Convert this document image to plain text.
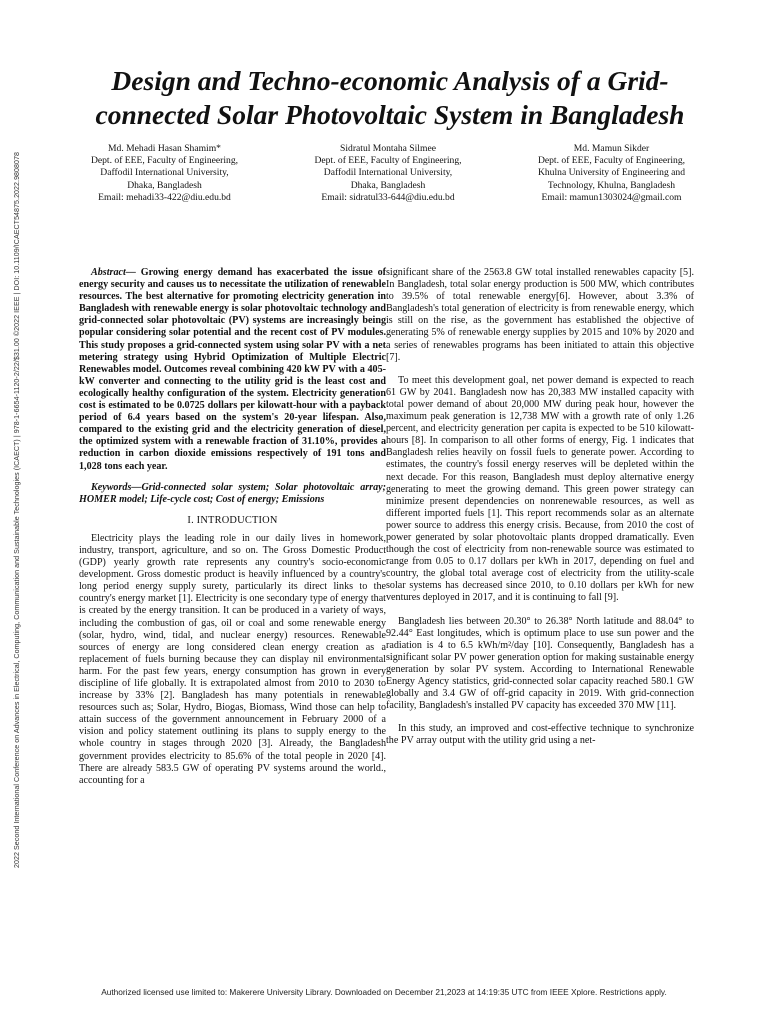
2022 Second International Conference on Advances in Electrical, Computing, Communication and Sustainable Technologies (ICAECT) | 978-1-6654-1120-2/22/$31.00 ©2022 IEEE | DOI: 10.1109/ICAECT54875.2022.9808078
Design and Techno-economic Analysis of a Grid-connected Solar Photovoltaic System in Bangladesh
Md. Mehadi Hasan Shamim*
Dept. of EEE, Faculty of Engineering,
Daffodil International University,
Dhaka, Bangladesh
Email: mehadi33-422@diu.edu.bd
Sidratul Montaha Silmee
Dept. of EEE, Faculty of Engineering,
Daffodil International University,
Dhaka, Bangladesh
Email: sidratul33-644@diu.edu.bd
Md. Mamun Sikder
Dept. of EEE, Faculty of Engineering,
Khulna University of Engineering and
Technology, Khulna, Bangladesh
Email: mamun1303024@gmail.com

Abstract— Growing energy demand has exacerbated the issue of energy security and causes us to necessitate the utilization of renewable resources. The best alternative for promoting electricity generation in Bangladesh with renewable energy is solar photovoltaic technology and grid-connected solar photovoltaic (PV) systems are increasingly being popular considering solar potential and the recent cost of PV modules. This study proposes a grid-connected system using solar PV with a net metering strategy using Hybrid Optimization of Multiple Electric Renewables model. Outcomes reveal combining 420 kW PV with a 405-kW converter and connecting to the utility grid is the least cost and ecologically healthy configuration of the system. Electricity generation cost is estimated to be 0.0725 dollars per kilowatt-hour with a payback period of 6.4 years based on the system's 20-year lifespan. Also, compared to the existing grid and the electricity generation of diesel, the optimized system with a renewable fraction of 31.10%, provides a reduction in carbon dioxide emissions respectively of 191 tons and 1,028 tons each year.

Keywords—Grid-connected solar system; Solar photovoltaic array; HOMER model; Life-cycle cost; Cost of energy; Emissions

I. INTRODUCTION

Electricity plays the leading role in our daily lives in homework, industry, transport, agriculture, and so on. The Gross Domestic Product (GDP) yearly growth rate represents any country's socio-economic development. Gross domestic product is heavily influenced by a country's long period energy supply surety, particularly its direct links to the country's energy market [1]. Electricity is one secondary type of energy that is created by the energy transition. It can be produced in a variety of ways, including the combustion of gas, oil or coal and some renewable energy (solar, hydro, wind, tidal, and nuclear energy) resources. Renewable sources of energy are long considered clean energy creation as a replacement of fuels burning because they can display nil environmental harm. For the past few years, energy consumption has grown in every discipline of life globally. It is extrapolated almost from 2010 to 2030 to increase by 33% [2]. Bangladesh has many potentials in renewable resources such as; Solar, Hydro, Biogas, Biomass, Wind those can help to attain success of the government announcement in February 2000 of a vision and policy statement outlining its plans to supply energy to the whole country in stages through 2020 [3]. Already, the Bangladesh government provides electricity to 85.6% of the total people in 2020 [4]. There are already 583.5 GW of operating PV systems around the world., accounting for a

significant share of the 2563.8 GW total installed renewables capacity [5]. In Bangladesh, total solar energy production is 500 MW, which contributes to 39.5% of total renewable energy[6]. However, about 3.3% of Bangladesh's total generation of electricity is from renewable energy, which is still on the rise, as the government has established the objective of generating 5% of renewable energy supplies by 2015 and 10% by 2020 and a series of renewables programs has been initiated to attain this objective [7].

To meet this development goal, net power demand is expected to reach 61 GW by 2041. Bangladesh now has 20,383 MW installed capacity with total power demand of about 20,000 MW during peak hour, however the maximum peak generation is 12,738 MW with a growth rate of only 1.26 percent, and electricity generation per capita is expected to be 510 kilowatt-hours [8]. In comparison to all other forms of energy, Fig. 1 indicates that Bangladesh relies heavily on fossil fuels to generate power. According to estimates, the country's fossil energy reserves will be depleted within the next decade. For this reason, Bangladesh must deploy alternative energy generating to meet the growing demand. This green power strategy can minimize present dependencies on nonrenewable resources, as well as different imported fuels [1]. This report recommends solar as an alternate power source to address this energy crisis. Because, from 2010 the cost of power generated by solar photovoltaic plants dropped dramatically. Even though the cost of electricity from non-renewable source was estimated to range from 0.05 to 0.17 dollars per kWh in 2017, depending on fuel and country, the global total average cost of electricity from the utility-scale solar systems has decreased since 2010, to 0.10 dollars per kWh for new ventures deployed in 2017, and it is continuing to fall [9].

Bangladesh lies between 20.30° to 26.38° North latitude and 88.04° to 92.44° East longitudes, which is optimum place to use sun power and the radiation is 4 to 6.5 kWh/m²/day [10]. Consequently, Bangladesh has a significant solar PV power generation option for making sustainable energy generation by solar PV system. According to International Renewable Energy Agency statistics, grid-connected solar capacity reached 580.1 GW globally and 3.4 GW of off-grid capacity in 2019. With grid-connection facility, Bangladesh's installed PV capacity has exceeded 370 MW [11].

In this study, an improved and cost-effective technique to synchronize the PV array output with the utility grid using a net-

Authorized licensed use limited to: Makerere University Library. Downloaded on December 21,2023 at 14:19:35 UTC from IEEE Xplore. Restrictions apply.
